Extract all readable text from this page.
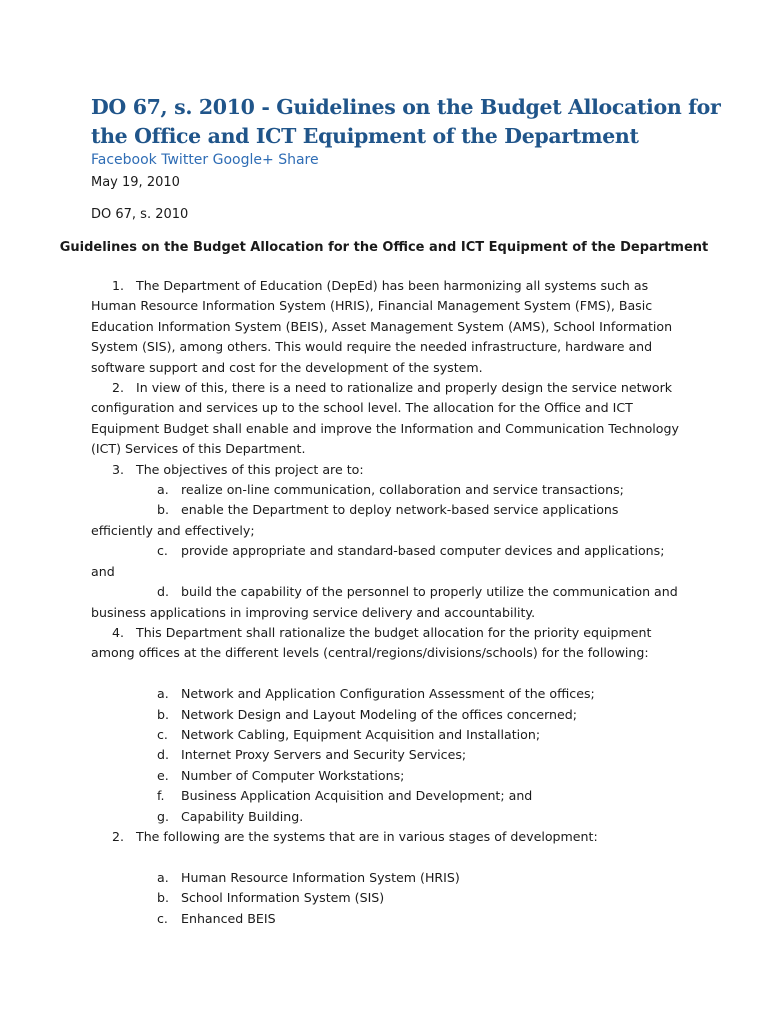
DO 67, s. 2010 - Guidelines on the Budget Allocation for the Office and ICT Equipment of the Department
Facebook Twitter Google+ Share
May 19, 2010
DO 67, s. 2010
Guidelines on the Budget Allocation for the Office and ICT Equipment of the Department
1. The Department of Education (DepEd) has been harmonizing all systems such as Human Resource Information System (HRIS), Financial Management System (FMS), Basic Education Information System (BEIS), Asset Management System (AMS), School Information System (SIS), among others. This would require the needed infrastructure, hardware and software support and cost for the development of the system.
2. In view of this, there is a need to rationalize and properly design the service network configuration and services up to the school level. The allocation for the Office and ICT Equipment Budget shall enable and improve the Information and Communication Technology (ICT) Services of this Department.
3. The objectives of this project are to:
a. realize on-line communication, collaboration and service transactions;
b. enable the Department to deploy network-based service applications efficiently and effectively;
c. provide appropriate and standard-based computer devices and applications; and
d. build the capability of the personnel to properly utilize the communication and business applications in improving service delivery and accountability.
4. This Department shall rationalize the budget allocation for the priority equipment among offices at the different levels (central/regions/divisions/schools) for the following:
a. Network and Application Configuration Assessment of the offices;
b. Network Design and Layout Modeling of the offices concerned;
c. Network Cabling, Equipment Acquisition and Installation;
d. Internet Proxy Servers and Security Services;
e. Number of Computer Workstations;
f. Business Application Acquisition and Development; and
g. Capability Building.
2. The following are the systems that are in various stages of development:
a. Human Resource Information System (HRIS)
b. School Information System (SIS)
c. Enhanced BEIS
